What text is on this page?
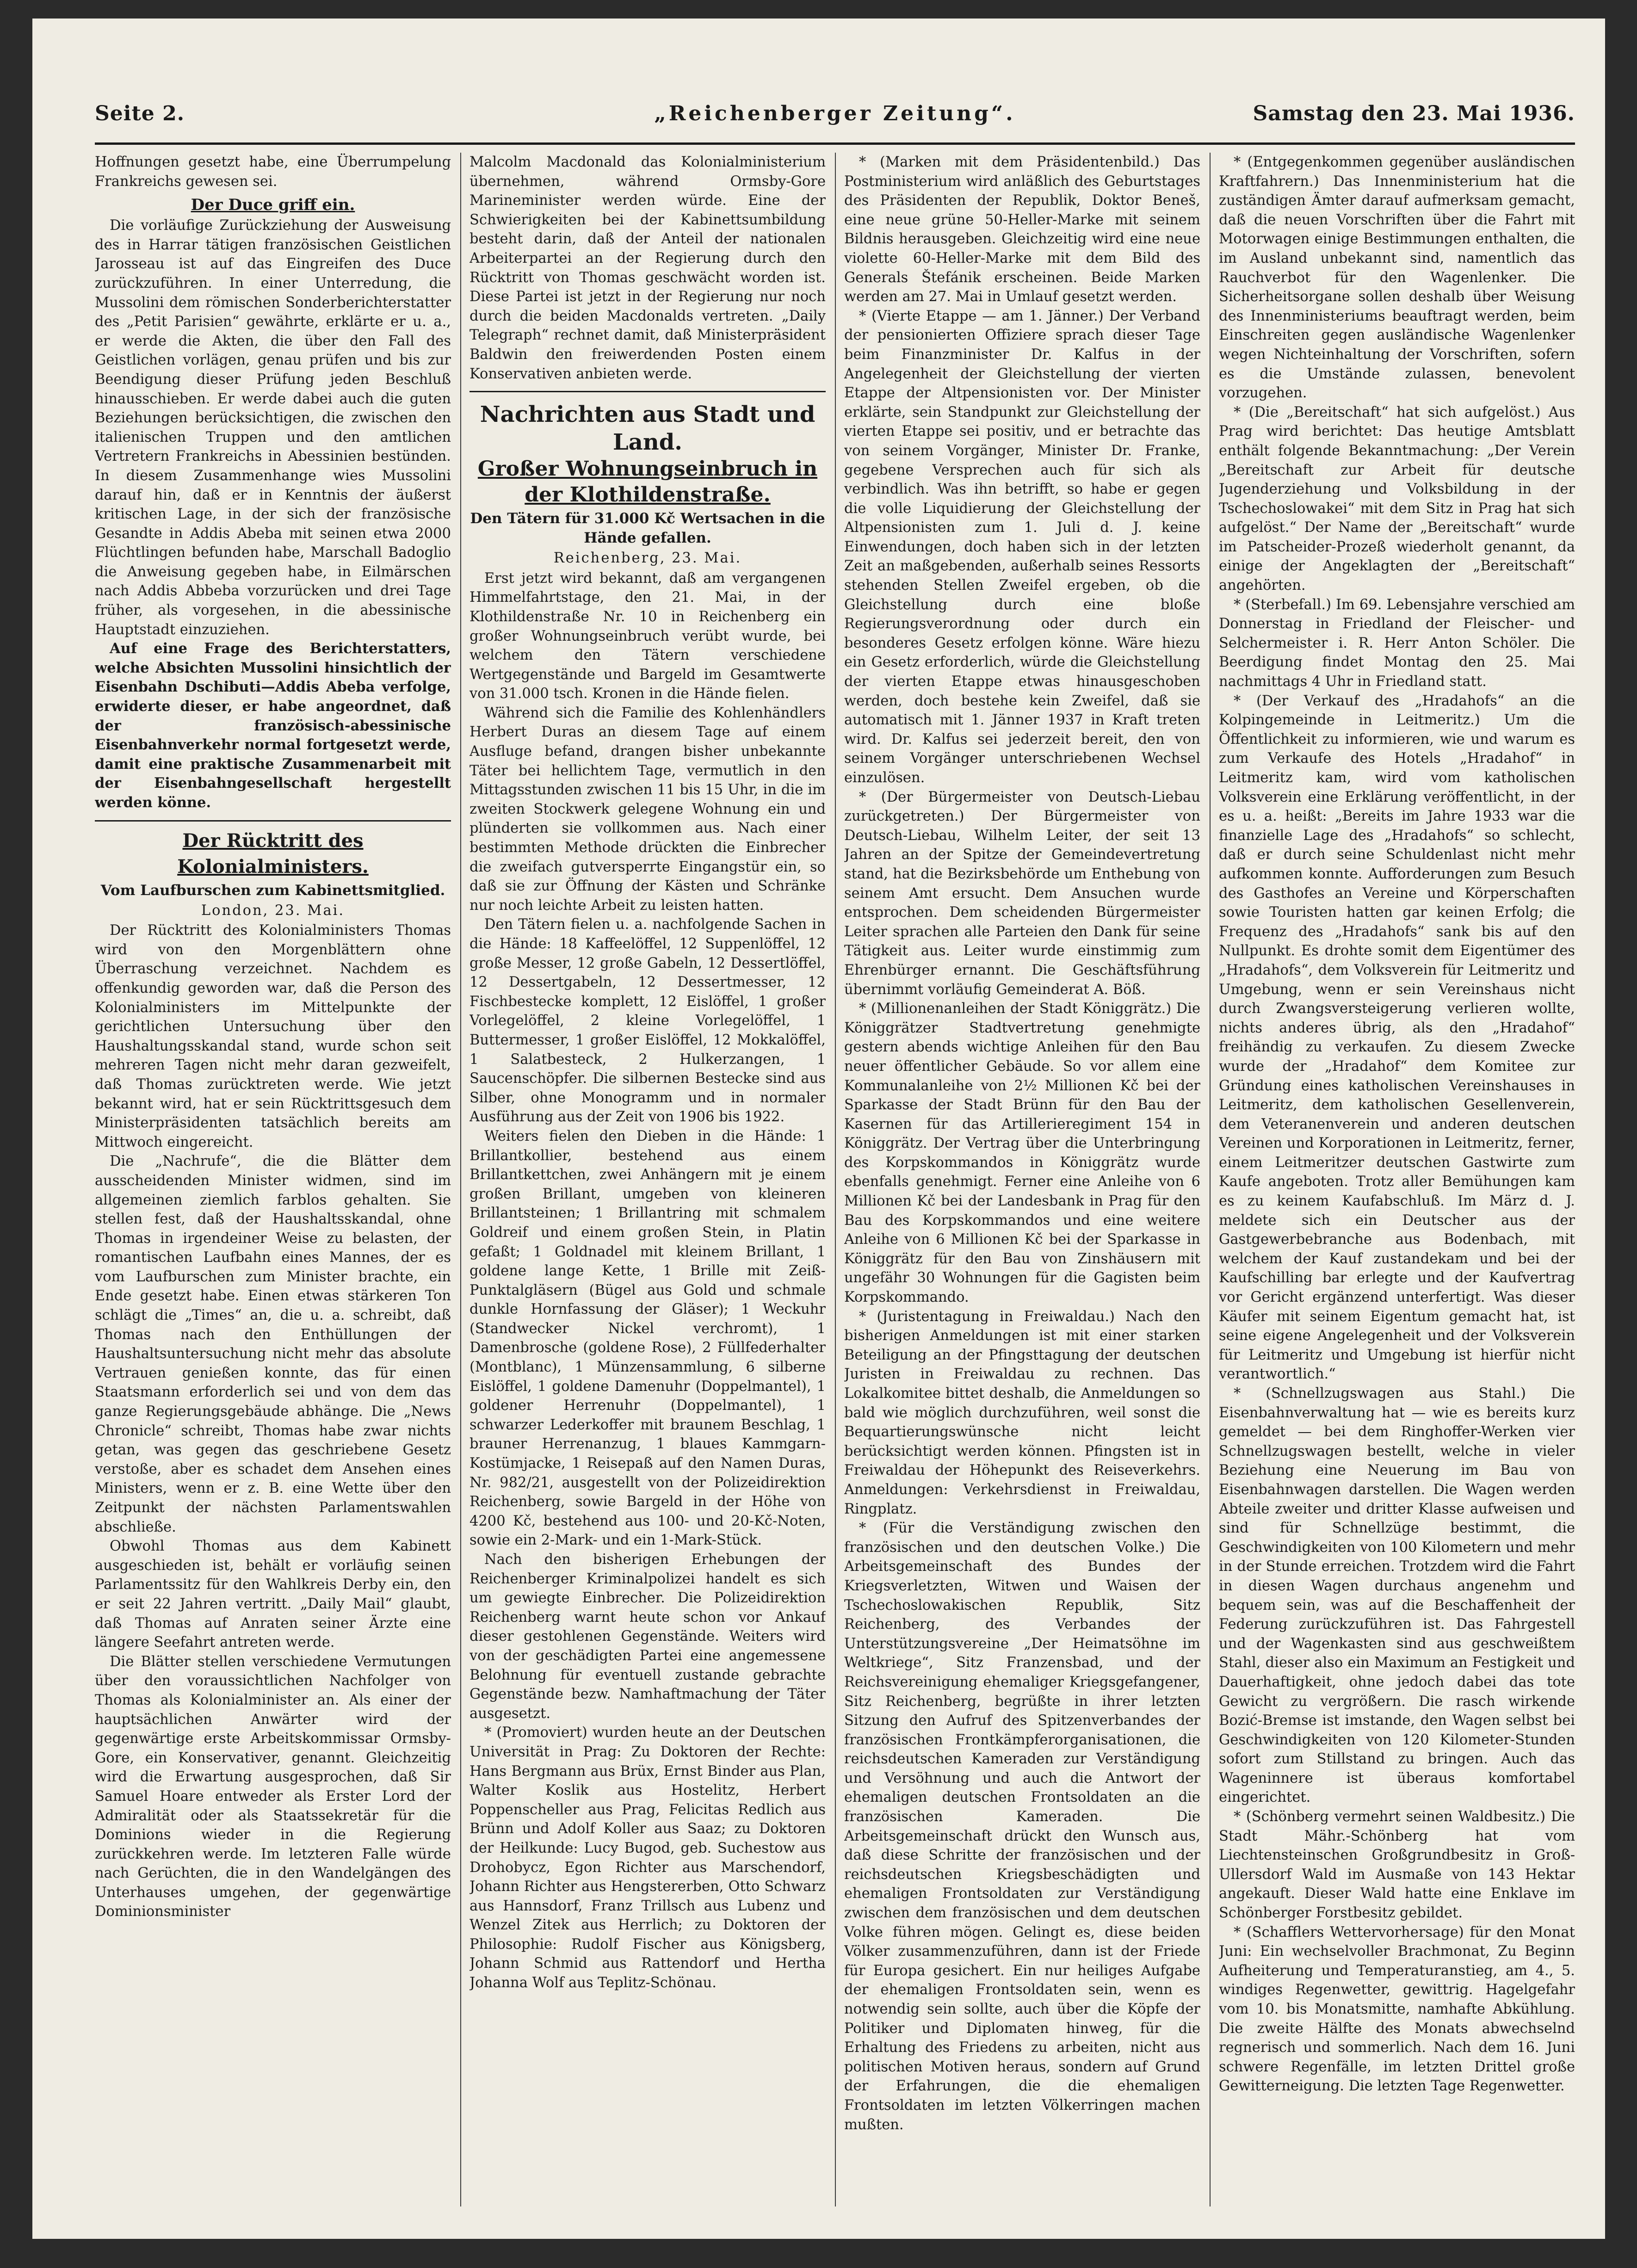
Seite 2.	„Reichenberger Zeitung“.	Samstag den 23. Mai 1936.

Hoffnungen gesetzt habe, eine Überrumpelung Frankreichs gewesen sei.

Der Duce griff ein.

Die vorläufige Zurückziehung der Ausweisung des in Harrar tätigen französischen Geistlichen Jarosseau ist auf das Eingreifen des Duce zurückzuführen. In einer Unterredung, die Mussolini dem römischen Sonderberichterstatter des „Petit Parisien“ gewährte, erklärte er u. a., er werde die Akten, die über den Fall des Geistlichen vorlägen, genau prüfen und bis zur Beendigung dieser Prüfung jeden Beschluß hinausschieben. Er werde dabei auch die guten Beziehungen berücksichtigen, die zwischen den italienischen Truppen und den amtlichen Vertretern Frankreichs in Abessinien bestünden. In diesem Zusammenhange wies Mussolini darauf hin, daß er in Kenntnis der äußerst kritischen Lage, in der sich der französische Gesandte in Addis Abeba mit seinen etwa 2000 Flüchtlingen befunden habe, Marschall Badoglio die Anweisung gegeben habe, in Eilmärschen nach Addis Abbeba vorzurücken und drei Tage früher, als vorgesehen, in die abessinische Hauptstadt einzuziehen.

Auf eine Frage des Berichterstatters, welche Absichten Mussolini hinsichtlich der Eisenbahn Dschibuti—Addis Abeba verfolge, erwiderte dieser, er habe angeordnet, daß der französisch-abessinische Eisenbahnverkehr normal fortgesetzt werde, damit eine praktische Zusammenarbeit mit der Eisenbahngesellschaft hergestellt werden könne.

Der Rücktritt des Kolonialministers.
Vom Laufburschen zum Kabinettsmitglied.
London, 23. Mai.

Der Rücktritt des Kolonialministers Thomas wird von den Morgenblättern ohne Überraschung verzeichnet. Nachdem es offenkundig geworden war, daß die Person des Kolonialministers im Mittelpunkte der gerichtlichen Untersuchung über den Haushaltungsskandal stand, wurde schon seit mehreren Tagen nicht mehr daran gezweifelt, daß Thomas zurücktreten werde. Wie jetzt bekannt wird, hat er sein Rücktrittsgesuch dem Ministerpräsidenten tatsächlich bereits am Mittwoch eingereicht.

Die „Nachrufe“, die die Blätter dem ausscheidenden Minister widmen, sind im allgemeinen ziemlich farblos gehalten. Sie stellen fest, daß der Haushaltsskandal, ohne Thomas in irgendeiner Weise zu belasten, der romantischen Laufbahn eines Mannes, der es vom Laufburschen zum Minister brachte, ein Ende gesetzt habe. Einen etwas stärkeren Ton schlägt die „Times“ an, die u. a. schreibt, daß Thomas nach den Enthüllungen der Haushaltsuntersuchung nicht mehr das absolute Vertrauen genießen konnte, das für einen Staatsmann erforderlich sei und von dem das ganze Regierungsgebäude abhänge. Die „News Chronicle“ schreibt, Thomas habe zwar nichts getan, was gegen das geschriebene Gesetz verstoße, aber es schadet dem Ansehen eines Ministers, wenn er z. B. eine Wette über den Zeitpunkt der nächsten Parlamentswahlen abschließe.

Obwohl Thomas aus dem Kabinett ausgeschieden ist, behält er vorläufig seinen Parlamentssitz für den Wahlkreis Derby ein, den er seit 22 Jahren vertritt. „Daily Mail“ glaubt, daß Thomas auf Anraten seiner Ärzte eine längere Seefahrt antreten werde.

Die Blätter stellen verschiedene Vermutungen über den voraussichtlichen Nachfolger von Thomas als Kolonialminister an. Als einer der hauptsächlichen Anwärter wird der gegenwärtige erste Arbeitskommissar Ormsby-Gore, ein Konservativer, genannt. Gleichzeitig wird die Erwartung ausgesprochen, daß Sir Samuel Hoare entweder als Erster Lord der Admiralität oder als Staatssekretär für die Dominions wieder in die Regierung zurückkehren werde. Im letzteren Falle würde nach Gerüchten, die in den Wandelgängen des Unterhauses umgehen, der gegenwärtige Dominionsminister

Malcolm Macdonald das Kolonialministerium übernehmen, während Ormsby-Gore Marineminister werden würde. Eine der Schwierigkeiten bei der Kabinettsumbildung besteht darin, daß der Anteil der nationalen Arbeiterpartei an der Regierung durch den Rücktritt von Thomas geschwächt worden ist. Diese Partei ist jetzt in der Regierung nur noch durch die beiden Macdonalds vertreten. „Daily Telegraph“ rechnet damit, daß Ministerpräsident Baldwin den freiwerdenden Posten einem Konservativen anbieten werde.

Nachrichten aus Stadt und Land.
Großer Wohnungseinbruch in der Klothildenstraße.
Den Tätern für 31.000 Kč Wertsachen in die Hände gefallen.
Reichenberg, 23. Mai.

Erst jetzt wird bekannt, daß am vergangenen Himmelfahrtstage, den 21. Mai, in der Klothildenstraße Nr. 10 in Reichenberg ein großer Wohnungseinbruch verübt wurde, bei welchem den Tätern verschiedene Wertgegenstände und Bargeld im Gesamtwerte von 31.000 tsch. Kronen in die Hände fielen.

Während sich die Familie des Kohlenhändlers Herbert Duras an diesem Tage auf einem Ausfluge befand, drangen bisher unbekannte Täter bei hellichtem Tage, vermutlich in den Mittagsstunden zwischen 11 bis 15 Uhr, in die im zweiten Stockwerk gelegene Wohnung ein und plünderten sie vollkommen aus. Nach einer bestimmten Methode drückten die Einbrecher die zweifach gutversperrte Eingangstür ein, so daß sie zur Öffnung der Kästen und Schränke nur noch leichte Arbeit zu leisten hatten.

Den Tätern fielen u. a. nachfolgende Sachen in die Hände: 18 Kaffeelöffel, 12 Suppenlöffel, 12 große Messer, 12 große Gabeln, 12 Dessertlöffel, 12 Dessertgabeln, 12 Dessertmesser, 12 Fischbestecke komplett, 12 Eislöffel, 1 großer Vorlegelöffel, 2 kleine Vorlegelöffel, 1 Buttermesser, 1 großer Eislöffel, 12 Mokkalöffel, 1 Salatbesteck, 2 Hulkerzangen, 1 Saucenschöpfer. Die silbernen Bestecke sind aus Silber, ohne Monogramm und in normaler Ausführung aus der Zeit von 1906 bis 1922.

Weiters fielen den Dieben in die Hände: 1 Brillantkollier, bestehend aus einem Brillantkettchen, zwei Anhängern mit je einem großen Brillant, umgeben von kleineren Brillantsteinen; 1 Brillantring mit schmalem Goldreif und einem großen Stein, in Platin gefaßt; 1 Goldnadel mit kleinem Brillant, 1 goldene lange Kette, 1 Brille mit Zeiß-Punktalgläsern (Bügel aus Gold und schmale dunkle Hornfassung der Gläser); 1 Weckuhr (Standwecker Nickel verchromt), 1 Damenbrosche (goldene Rose), 2 Füllfederhalter (Montblanc), 1 Münzensammlung, 6 silberne Eislöffel, 1 goldene Damenuhr (Doppelmantel), 1 goldener Herrenuhr (Doppelmantel), 1 schwarzer Lederkoffer mit braunem Beschlag, 1 brauner Herrenanzug, 1 blaues Kammgarn-Kostümjacke, 1 Reisepaß auf den Namen Duras, Nr. 982/21, ausgestellt von der Polizeidirektion Reichenberg, sowie Bargeld in der Höhe von 4200 Kč, bestehend aus 100- und 20-Kč-Noten, sowie ein 2-Mark- und ein 1-Mark-Stück.

Nach den bisherigen Erhebungen der Reichenberger Kriminalpolizei handelt es sich um gewiegte Einbrecher. Die Polizeidirektion Reichenberg warnt heute schon vor Ankauf dieser gestohlenen Gegenstände. Weiters wird von der geschädigten Partei eine angemessene Belohnung für eventuell zustande gebrachte Gegenstände bezw. Namhaftmachung der Täter ausgesetzt.

* (Promoviert) wurden heute an der Deutschen Universität in Prag: Zu Doktoren der Rechte: Hans Bergmann aus Brüx, Ernst Binder aus Plan, Walter Koslik aus Hostelitz, Herbert Poppenscheller aus Prag, Felicitas Redlich aus Brünn und Adolf Koller aus Saaz; zu Doktoren der Heilkunde: Lucy Bugod, geb. Suchestow aus Drohobycz, Egon Richter aus Marschendorf, Johann Richter aus Hengstererben, Otto Schwarz aus Hannsdorf, Franz Trillsch aus Lubenz und Wenzel Zitek aus Herrlich; zu Doktoren der Philosophie: Rudolf Fischer aus Königsberg, Johann Schmid aus Rattendorf und Hertha Johanna Wolf aus Teplitz-Schönau.

* (Marken mit dem Präsidentenbild.) Das Postministerium wird anläßlich des Geburtstages des Präsidenten der Republik, Doktor Beneš, eine neue grüne 50-Heller-Marke mit seinem Bildnis herausgeben. Gleichzeitig wird eine neue violette 60-Heller-Marke mit dem Bild des Generals Štefánik erscheinen. Beide Marken werden am 27. Mai in Umlauf gesetzt werden.

* (Vierte Etappe — am 1. Jänner.) Der Verband der pensionierten Offiziere sprach dieser Tage beim Finanzminister Dr. Kalfus in der Angelegenheit der Gleichstellung der vierten Etappe der Altpensionisten vor. Der Minister erklärte, sein Standpunkt zur Gleichstellung der vierten Etappe sei positiv, und er betrachte das von seinem Vorgänger, Minister Dr. Franke, gegebene Versprechen auch für sich als verbindlich. Was ihn betrifft, so habe er gegen die volle Liquidierung der Gleichstellung der Altpensionisten zum 1. Juli d. J. keine Einwendungen, doch haben sich in der letzten Zeit an maßgebenden, außerhalb seines Ressorts stehenden Stellen Zweifel ergeben, ob die Gleichstellung durch eine bloße Regierungsverordnung oder durch ein besonderes Gesetz erfolgen könne. Wäre hiezu ein Gesetz erforderlich, würde die Gleichstellung der vierten Etappe etwas hinausgeschoben werden, doch bestehe kein Zweifel, daß sie automatisch mit 1. Jänner 1937 in Kraft treten wird. Dr. Kalfus sei jederzeit bereit, den von seinem Vorgänger unterschriebenen Wechsel einzulösen.

* (Der Bürgermeister von Deutsch-Liebau zurückgetreten.) Der Bürgermeister von Deutsch-Liebau, Wilhelm Leiter, der seit 13 Jahren an der Spitze der Gemeindevertretung stand, hat die Bezirksbehörde um Enthebung von seinem Amt ersucht. Dem Ansuchen wurde entsprochen. Dem scheidenden Bürgermeister Leiter sprachen alle Parteien den Dank für seine Tätigkeit aus. Leiter wurde einstimmig zum Ehrenbürger ernannt. Die Geschäftsführung übernimmt vorläufig Gemeinderat A. Böß.

* (Millionenanleihen der Stadt Königgrätz.) Die Königgrätzer Stadtvertretung genehmigte gestern abends wichtige Anleihen für den Bau neuer öffentlicher Gebäude. So vor allem eine Kommunalanleihe von 2½ Millionen Kč bei der Sparkasse der Stadt Brünn für den Bau der Kasernen für das Artillerieregiment 154 in Königgrätz. Der Vertrag über die Unterbringung des Korpskommandos in Königgrätz wurde ebenfalls genehmigt. Ferner eine Anleihe von 6 Millionen Kč bei der Landesbank in Prag für den Bau des Korpskommandos und eine weitere Anleihe von 6 Millionen Kč bei der Sparkasse in Königgrätz für den Bau von Zinshäusern mit ungefähr 30 Wohnungen für die Gagisten beim Korpskommando.

* (Juristentagung in Freiwaldau.) Nach den bisherigen Anmeldungen ist mit einer starken Beteiligung an der Pfingsttagung der deutschen Juristen in Freiwaldau zu rechnen. Das Lokalkomitee bittet deshalb, die Anmeldungen so bald wie möglich durchzuführen, weil sonst die Bequartierungswünsche nicht leicht berücksichtigt werden können. Pfingsten ist in Freiwaldau der Höhepunkt des Reiseverkehrs. Anmeldungen: Verkehrsdienst in Freiwaldau, Ringplatz.

* (Für die Verständigung zwischen den französischen und den deutschen Volke.) Die Arbeitsgemeinschaft des Bundes der Kriegsverletzten, Witwen und Waisen der Tschechoslowakischen Republik, Sitz Reichenberg, des Verbandes der Unterstützungsvereine „Der Heimatsöhne im Weltkriege“, Sitz Franzensbad, und der Reichsvereinigung ehemaliger Kriegsgefangener, Sitz Reichenberg, begrüßte in ihrer letzten Sitzung den Aufruf des Spitzenverbandes der französischen Frontkämpferorganisationen, die reichsdeutschen Kameraden zur Verständigung und Versöhnung und auch die Antwort der ehemaligen deutschen Frontsoldaten an die französischen Kameraden. Die Arbeitsgemeinschaft drückt den Wunsch aus, daß diese Schritte der französischen und der reichsdeutschen Kriegsbeschädigten und ehemaligen Frontsoldaten zur Verständigung zwischen dem französischen und dem deutschen Volke führen mögen. Gelingt es, diese beiden Völker zusammenzuführen, dann ist der Friede für Europa gesichert. Ein nur heiliges Aufgabe der ehemaligen Frontsoldaten sein, wenn es notwendig sein sollte, auch über die Köpfe der Politiker und Diplomaten hinweg, für die Erhaltung des Friedens zu arbeiten, nicht aus politischen Motiven heraus, sondern auf Grund der Erfahrungen, die die ehemaligen Frontsoldaten im letzten Völkerringen machen mußten.

* (Entgegenkommen gegenüber ausländischen Kraftfahrern.) Das Innenministerium hat die zuständigen Ämter darauf aufmerksam gemacht, daß die neuen Vorschriften über die Fahrt mit Motorwagen einige Bestimmungen enthalten, die im Ausland unbekannt sind, namentlich das Rauchverbot für den Wagenlenker. Die Sicherheitsorgane sollen deshalb über Weisung des Innenministeriums beauftragt werden, beim Einschreiten gegen ausländische Wagenlenker wegen Nichteinhaltung der Vorschriften, sofern es die Umstände zulassen, benevolent vorzugehen.

* (Die „Bereitschaft“ hat sich aufgelöst.) Aus Prag wird berichtet: Das heutige Amtsblatt enthält folgende Bekanntmachung: „Der Verein „Bereitschaft zur Arbeit für deutsche Jugenderziehung und Volksbildung in der Tschechoslowakei“ mit dem Sitz in Prag hat sich aufgelöst.“ Der Name der „Bereitschaft“ wurde im Patscheider-Prozeß wiederholt genannt, da einige der Angeklagten der „Bereitschaft“ angehörten.

* (Sterbefall.) Im 69. Lebensjahre verschied am Donnerstag in Friedland der Fleischer- und Selchermeister i. R. Herr Anton Schöler. Die Beerdigung findet Montag den 25. Mai nachmittags 4 Uhr in Friedland statt.

* (Der Verkauf des „Hradahofs“ an die Kolpingemeinde in Leitmeritz.) Um die Öffentlichkeit zu informieren, wie und warum es zum Verkaufe des Hotels „Hradahof“ in Leitmeritz kam, wird vom katholischen Volksverein eine Erklärung veröffentlicht, in der es u. a. heißt: „Bereits im Jahre 1933 war die finanzielle Lage des „Hradahofs“ so schlecht, daß er durch seine Schuldenlast nicht mehr aufkommen konnte. Aufforderungen zum Besuch des Gasthofes an Vereine und Körperschaften sowie Touristen hatten gar keinen Erfolg; die Frequenz des „Hradahofs“ sank bis auf den Nullpunkt. Es drohte somit dem Eigentümer des „Hradahofs“, dem Volksverein für Leitmeritz und Umgebung, wenn er sein Vereinshaus nicht durch Zwangsversteigerung verlieren wollte, nichts anderes übrig, als den „Hradahof“ freihändig zu verkaufen. Zu diesem Zwecke wurde der „Hradahof“ dem Komitee zur Gründung eines katholischen Vereinshauses in Leitmeritz, dem katholischen Gesellenverein, dem Veteranenverein und anderen deutschen Vereinen und Korporationen in Leitmeritz, ferner, einem Leitmeritzer deutschen Gastwirte zum Kaufe angeboten. Trotz aller Bemühungen kam es zu keinem Kaufabschluß. Im März d. J. meldete sich ein Deutscher aus der Gastgewerbebranche aus Bodenbach, mit welchem der Kauf zustandekam und bei der Kaufschilling bar erlegte und der Kaufvertrag vor Gericht ergänzend unterfertigt. Was dieser Käufer mit seinem Eigentum gemacht hat, ist seine eigene Angelegenheit und der Volksverein für Leitmeritz und Umgebung ist hierfür nicht verantwortlich.“

* (Schnellzugswagen aus Stahl.) Die Eisenbahnverwaltung hat — wie es bereits kurz gemeldet — bei dem Ringhoffer-Werken vier Schnellzugswagen bestellt, welche in vieler Beziehung eine Neuerung im Bau von Eisenbahnwagen darstellen. Die Wagen werden Abteile zweiter und dritter Klasse aufweisen und sind für Schnellzüge bestimmt, die Geschwindigkeiten von 100 Kilometern und mehr in der Stunde erreichen. Trotzdem wird die Fahrt in diesen Wagen durchaus angenehm und bequem sein, was auf die Beschaffenheit der Federung zurückzuführen ist. Das Fahrgestell und der Wagenkasten sind aus geschweißtem Stahl, dieser also ein Maximum an Festigkeit und Dauerhaftigkeit, ohne jedoch dabei das tote Gewicht zu vergrößern. Die rasch wirkende Bozić-Bremse ist imstande, den Wagen selbst bei Geschwindigkeiten von 120 Kilometer-Stunden sofort zum Stillstand zu bringen. Auch das Wageninnere ist überaus komfortabel eingerichtet.

* (Schönberg vermehrt seinen Waldbesitz.) Die Stadt Mähr.-Schönberg hat vom Liechtensteinschen Großgrundbesitz in Groß-Ullersdorf Wald im Ausmaße von 143 Hektar angekauft. Dieser Wald hatte eine Enklave im Schönberger Forstbesitz gebildet.

* (Schafflers Wettervorhersage) für den Monat Juni: Ein wechselvoller Brachmonat, Zu Beginn Aufheiterung und Temperaturanstieg, am 4., 5. windiges Regenwetter, gewittrig. Hagelgefahr vom 10. bis Monatsmitte, namhafte Abkühlung. Die zweite Hälfte des Monats abwechselnd regnerisch und sommerlich. Nach dem 16. Juni schwere Regenfälle, im letzten Drittel große Gewitterneigung. Die letzten Tage Regenwetter.
